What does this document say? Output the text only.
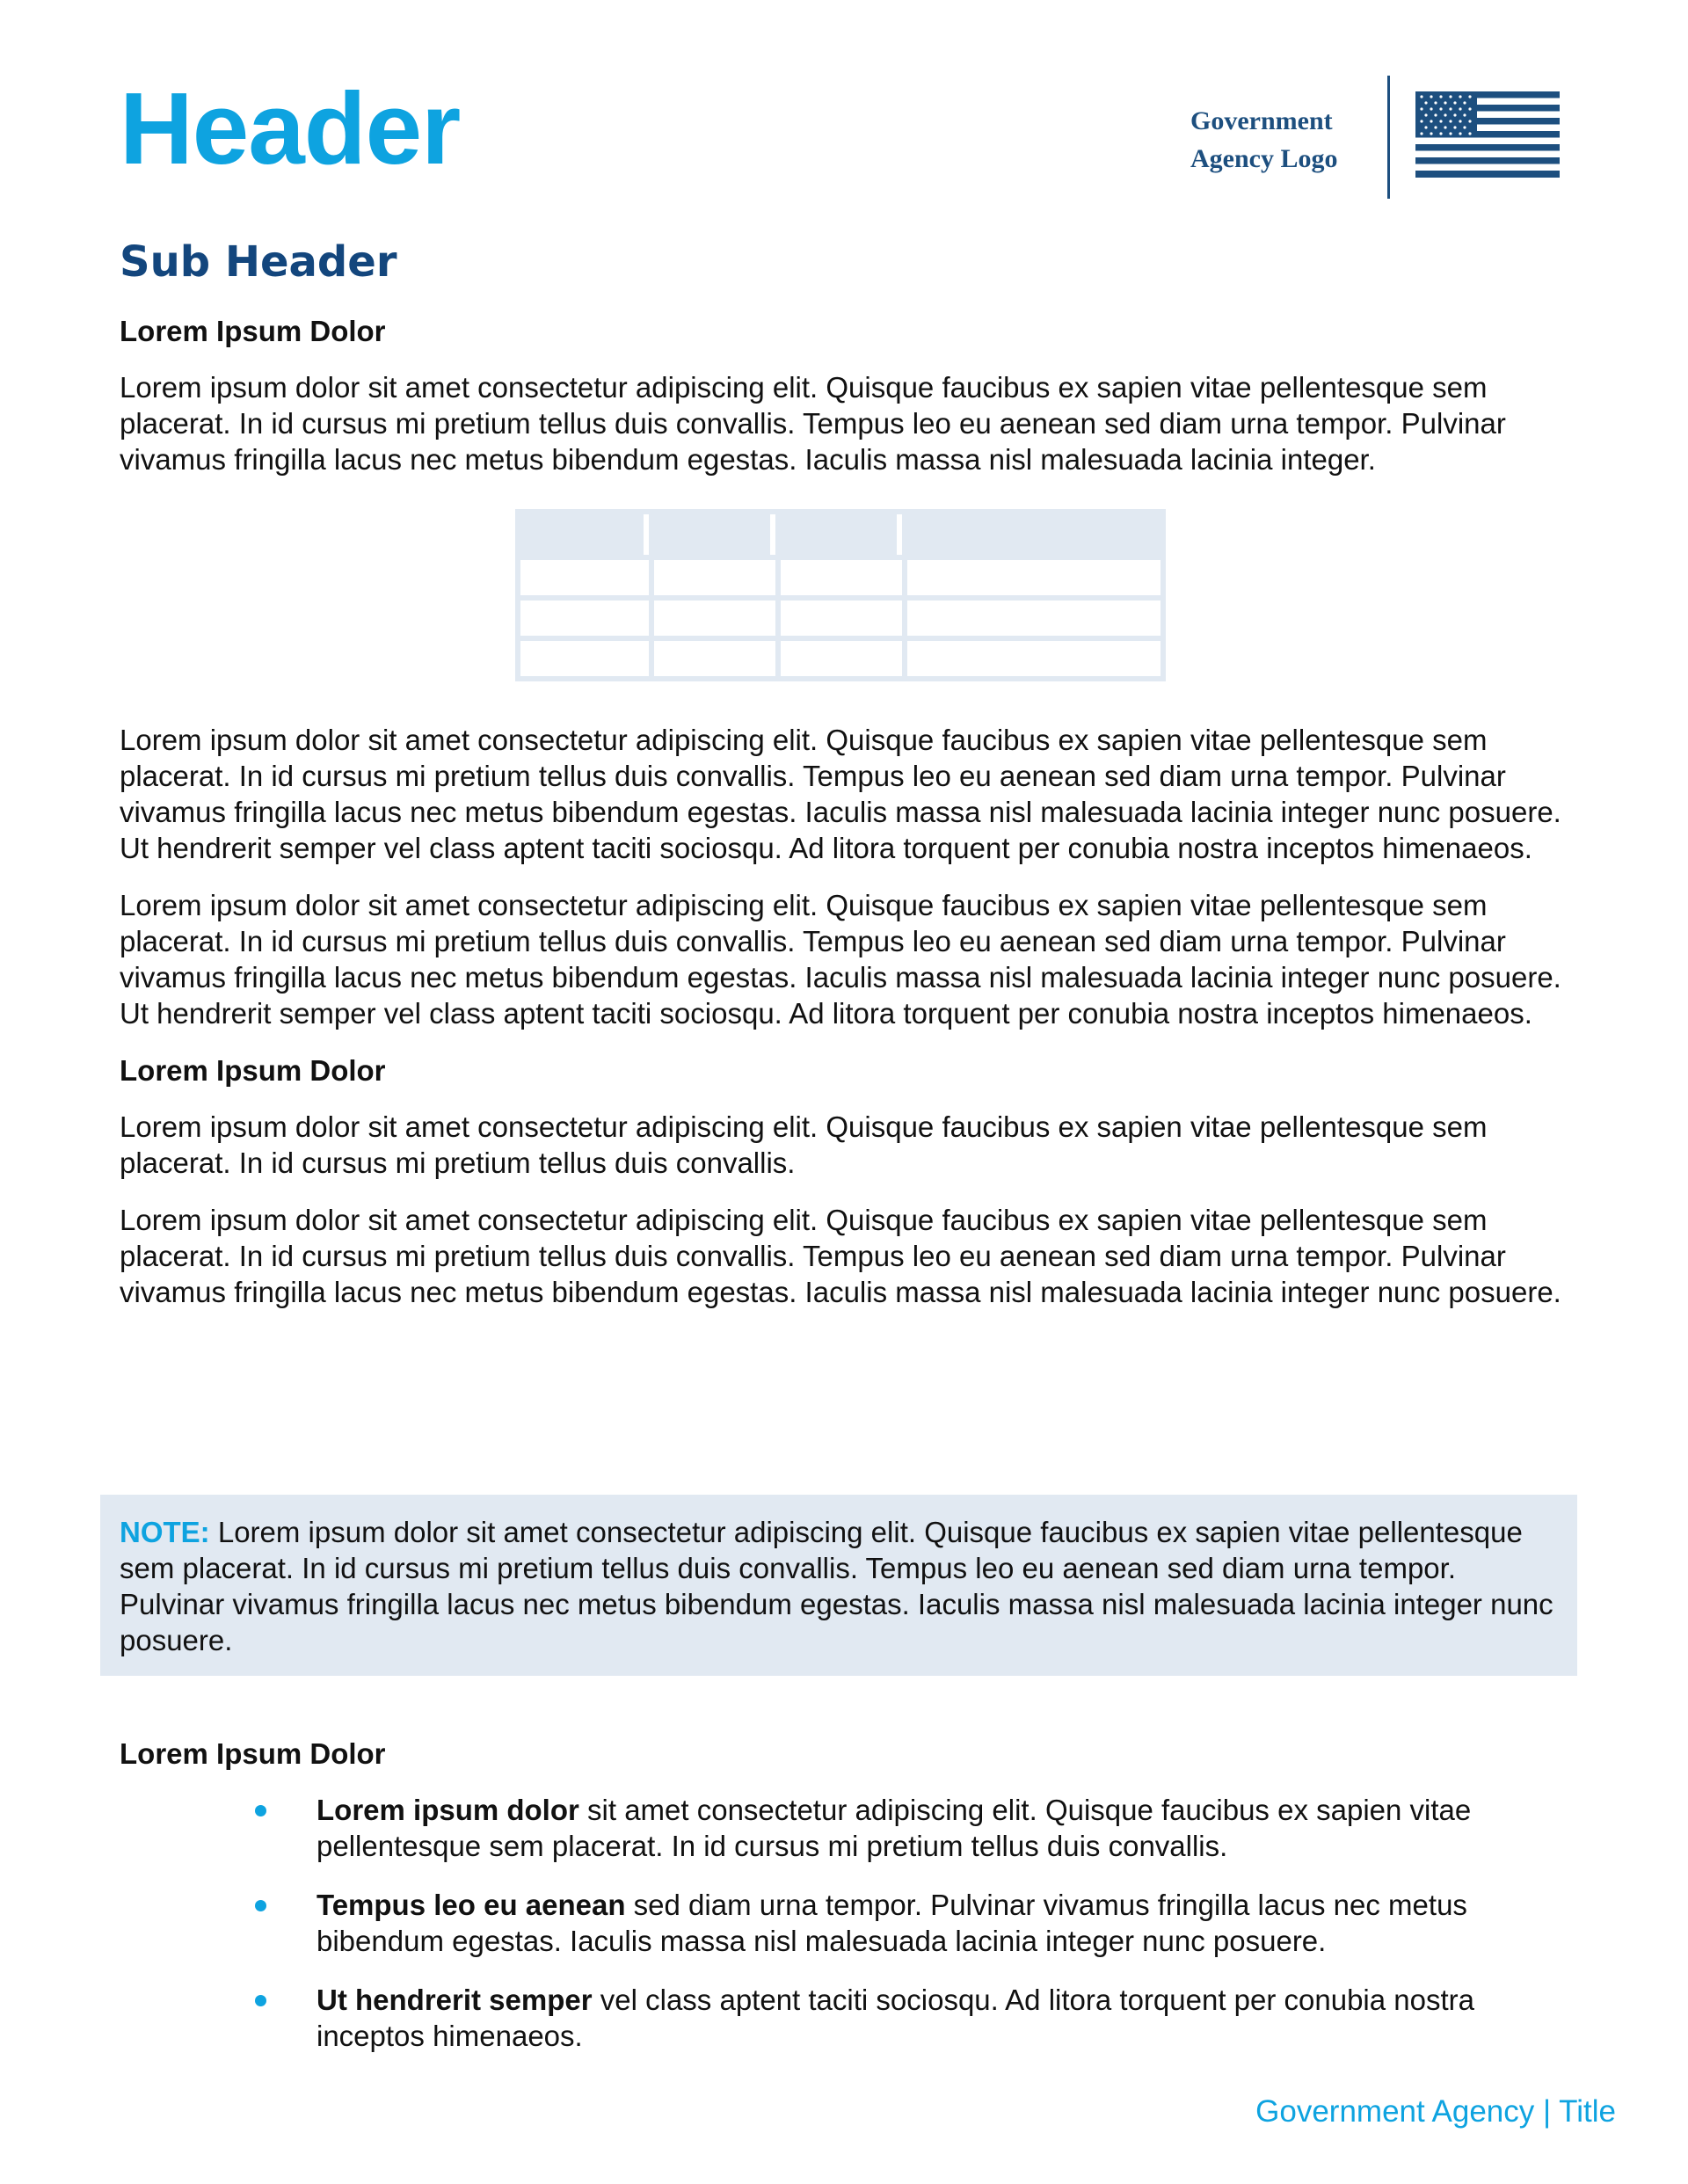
Header	Government
Agency Logo
Sub Header
Lorem Ipsum Dolor

Lorem ipsum dolor sit amet consectetur adipiscing elit. Quisque faucibus ex sapien vitae pellentesque sem placerat. In id cursus mi pretium tellus duis convallis. Tempus leo eu aenean sed diam urna tempor. Pulvinar vivamus fringilla lacus nec metus bibendum egestas. Iaculis massa nisl malesuada lacinia integer.

Lorem ipsum dolor sit amet consectetur adipiscing elit. Quisque faucibus ex sapien vitae pellentesque sem placerat. In id cursus mi pretium tellus duis convallis. Tempus leo eu aenean sed diam urna tempor. Pulvinar vivamus fringilla lacus nec metus bibendum egestas. Iaculis massa nisl malesuada lacinia integer nunc posuere. Ut hendrerit semper vel class aptent taciti sociosqu. Ad litora torquent per conubia nostra inceptos himenaeos.

Lorem ipsum dolor sit amet consectetur adipiscing elit. Quisque faucibus ex sapien vitae pellentesque sem placerat. In id cursus mi pretium tellus duis convallis. Tempus leo eu aenean sed diam urna tempor. Pulvinar vivamus fringilla lacus nec metus bibendum egestas. Iaculis massa nisl malesuada lacinia integer nunc posuere. Ut hendrerit semper vel class aptent taciti sociosqu. Ad litora torquent per conubia nostra inceptos himenaeos.

Lorem Ipsum Dolor

Lorem ipsum dolor sit amet consectetur adipiscing elit. Quisque faucibus ex sapien vitae pellentesque sem placerat. In id cursus mi pretium tellus duis convallis.

Lorem ipsum dolor sit amet consectetur adipiscing elit. Quisque faucibus ex sapien vitae pellentesque sem placerat. In id cursus mi pretium tellus duis convallis. Tempus leo eu aenean sed diam urna tempor. Pulvinar vivamus fringilla lacus nec metus bibendum egestas. Iaculis massa nisl malesuada lacinia integer nunc posuere.

NOTE: Lorem ipsum dolor sit amet consectetur adipiscing elit. Quisque faucibus ex sapien vitae pellentesque sem placerat. In id cursus mi pretium tellus duis convallis. Tempus leo eu aenean sed diam urna tempor. Pulvinar vivamus fringilla lacus nec metus bibendum egestas. Iaculis massa nisl malesuada lacinia integer nunc posuere.

Lorem Ipsum Dolor
Lorem ipsum dolor sit amet consectetur adipiscing elit. Quisque faucibus ex sapien vitae pellentesque sem placerat. In id cursus mi pretium tellus duis convallis.
Tempus leo eu aenean sed diam urna tempor. Pulvinar vivamus fringilla lacus nec metus bibendum egestas. Iaculis massa nisl malesuada lacinia integer nunc posuere.
Ut hendrerit semper vel class aptent taciti sociosqu. Ad litora torquent per conubia nostra inceptos himenaeos.
Government Agency | Title
